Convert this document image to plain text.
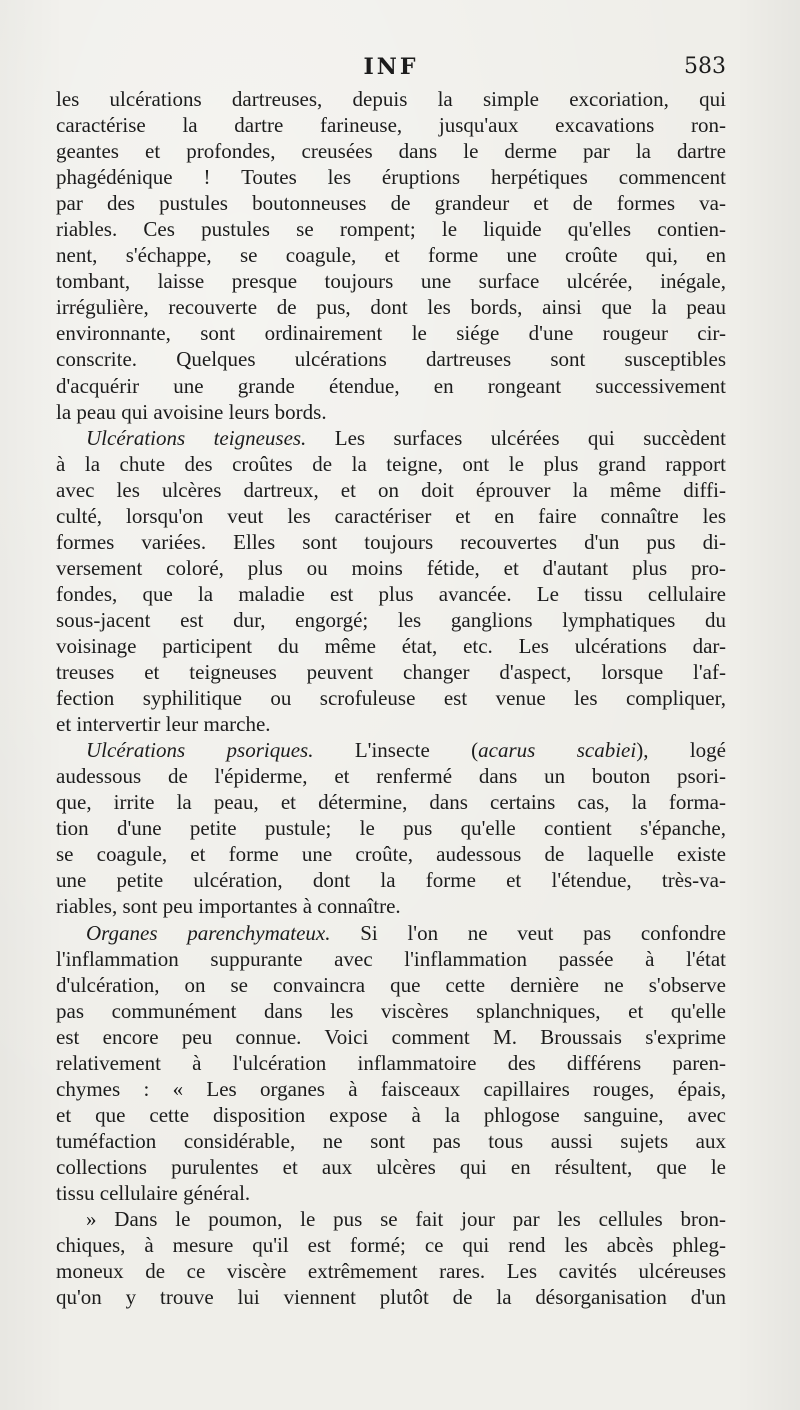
INF	583
les ulcérations dartreuses, depuis la simple excoriation, qui
caractérise la dartre farineuse, jusqu'aux excavations ron-
geantes et profondes, creusées dans le derme par la dartre
phagédénique ! Toutes les éruptions herpétiques commencent
par des pustules boutonneuses de grandeur et de formes va-
riables. Ces pustules se rompent; le liquide qu'elles contien-
nent, s'échappe, se coagule, et forme une croûte qui, en
tombant, laisse presque toujours une surface ulcérée, inégale,
irrégulière, recouverte de pus, dont les bords, ainsi que la peau
environnante, sont ordinairement le siége d'une rougeur cir-
conscrite. Quelques ulcérations dartreuses sont susceptibles
d'acquérir une grande étendue, en rongeant successivement
la peau qui avoisine leurs bords.
Ulcérations teigneuses. Les surfaces ulcérées qui succèdent
à la chute des croûtes de la teigne, ont le plus grand rapport
avec les ulcères dartreux, et on doit éprouver la même diffi-
culté, lorsqu'on veut les caractériser et en faire connaître les
formes variées. Elles sont toujours recouvertes d'un pus di-
versement coloré, plus ou moins fétide, et d'autant plus pro-
fondes, que la maladie est plus avancée. Le tissu cellulaire
sous-jacent est dur, engorgé; les ganglions lymphatiques du
voisinage participent du même état, etc. Les ulcérations dar-
treuses et teigneuses peuvent changer d'aspect, lorsque l'af-
fection syphilitique ou scrofuleuse est venue les compliquer,
et intervertir leur marche.
Ulcérations psoriques. L'insecte (acarus scabiei), logé
audessous de l'épiderme, et renfermé dans un bouton psori-
que, irrite la peau, et détermine, dans certains cas, la forma-
tion d'une petite pustule; le pus qu'elle contient s'épanche,
se coagule, et forme une croûte, audessous de laquelle existe
une petite ulcération, dont la forme et l'étendue, très-va-
riables, sont peu importantes à connaître.
Organes parenchymateux. Si l'on ne veut pas confondre
l'inflammation suppurante avec l'inflammation passée à l'état
d'ulcération, on se convaincra que cette dernière ne s'observe
pas communément dans les viscères splanchniques, et qu'elle
est encore peu connue. Voici comment M. Broussais s'exprime
relativement à l'ulcération inflammatoire des différens paren-
chymes : « Les organes à faisceaux capillaires rouges, épais,
et que cette disposition expose à la phlogose sanguine, avec
tuméfaction considérable, ne sont pas tous aussi sujets aux
collections purulentes et aux ulcères qui en résultent, que le
tissu cellulaire général.
» Dans le poumon, le pus se fait jour par les cellules bron-
chiques, à mesure qu'il est formé; ce qui rend les abcès phleg-
moneux de ce viscère extrêmement rares. Les cavités ulcéreuses
qu'on y trouve lui viennent plutôt de la désorganisation d'un
